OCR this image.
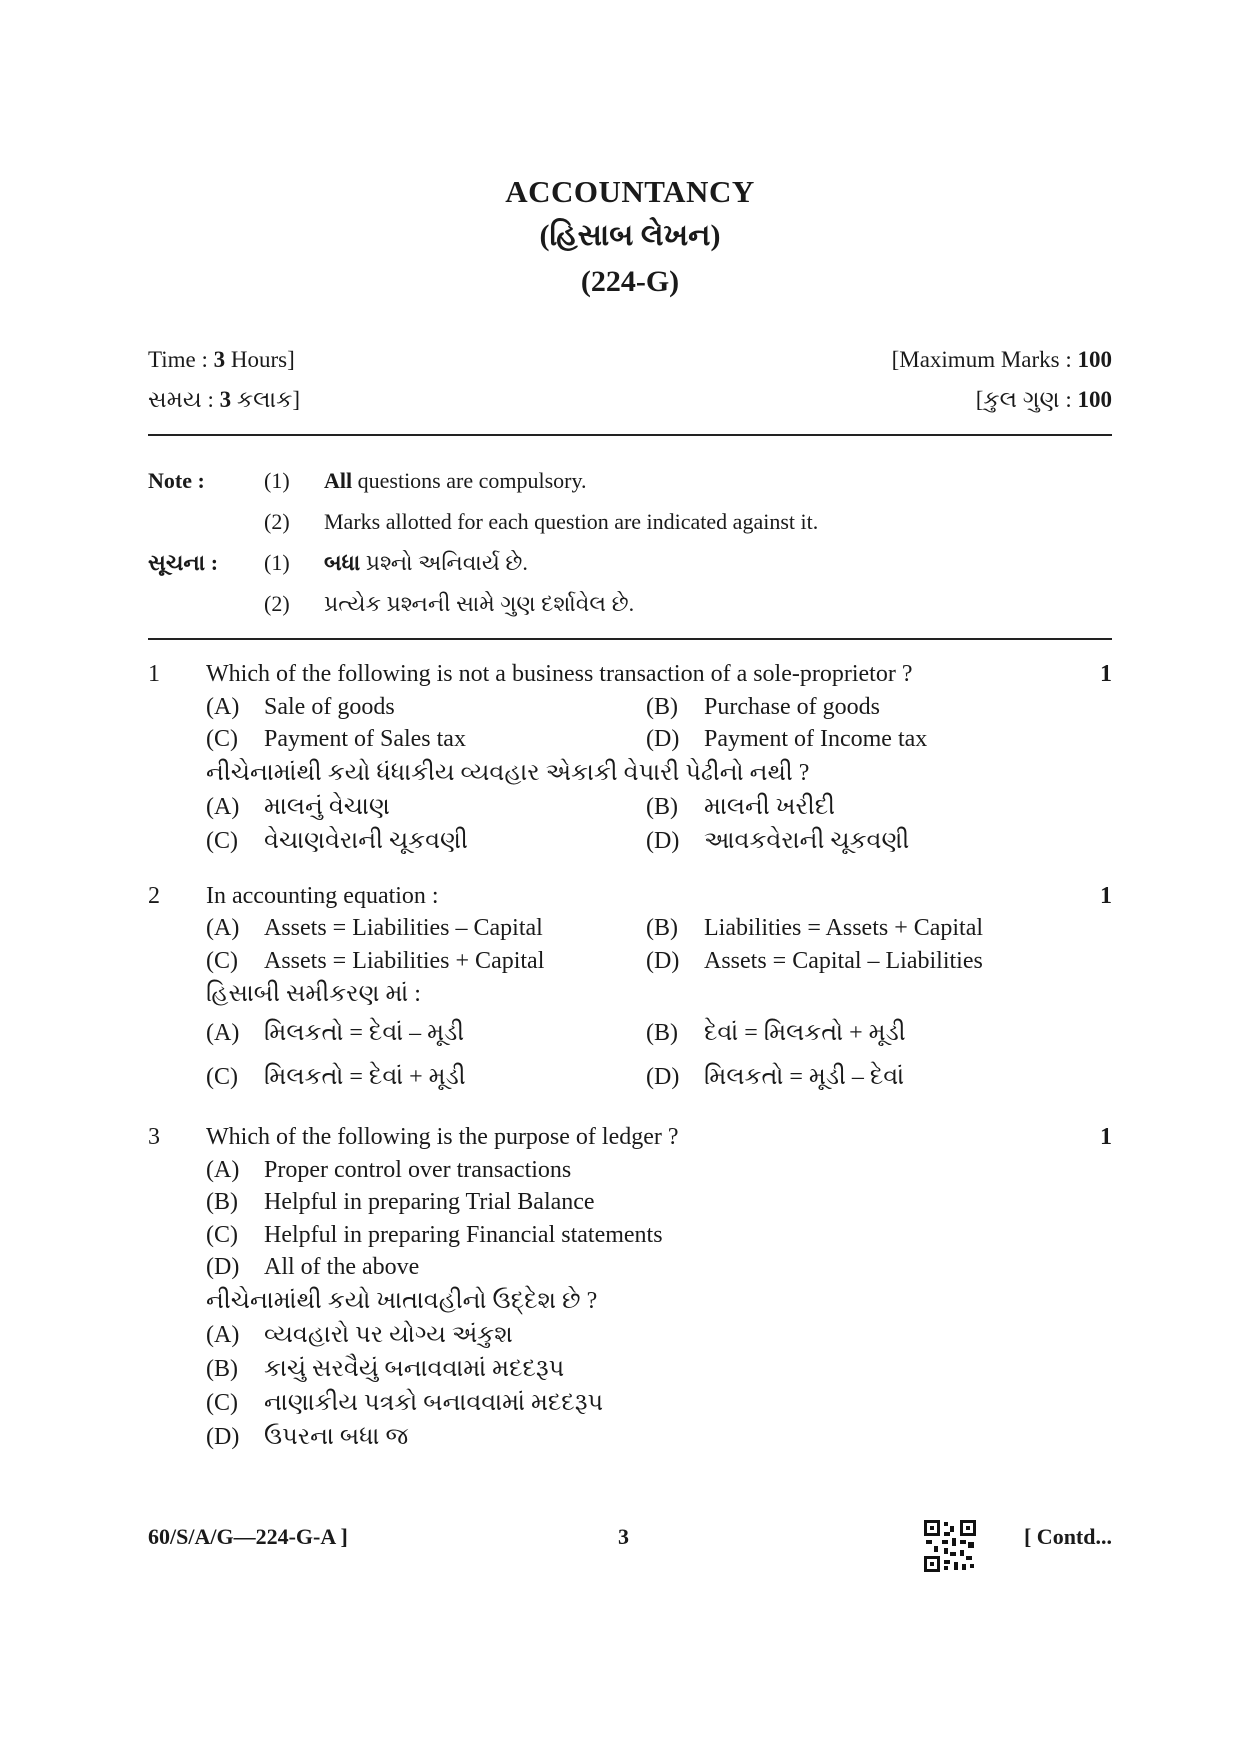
ACCOUNTANCY
(હિસાબ લેખન)
(224-G)
Time : 3 Hours]	[Maximum Marks : 100
સમય : 3 કલાક]	[કુલ ગુણ : 100
Note :	(1)	All questions are compulsory.
(2)	Marks allotted for each question are indicated against it.
સૂચના :	(1)	બધા પ્રશ્નો અનિવાર્ય છે.
(2)	પ્રત્યેક પ્રશ્નની સામે ગુણ દર્શાવેલ છે.
1	Which of the following is not a business transaction of a sole-proprietor ?	1
(A)	Sale of goods	(B)	Purchase of goods
(C)	Payment of Sales tax	(D)	Payment of Income tax
નીચેનામાંથી કયો ધંધાકીય વ્યવહાર એકાકી વેપારી પેઢીનો નથી ?
(A)	માલનું વેચાણ	(B)	માલની ખરીદી
(C)	વેચાણવેરાની ચૂકવણી	(D)	આવકવેરાની ચૂકવણી
2	In accounting equation :	1
(A)	Assets = Liabilities – Capital	(B)	Liabilities = Assets + Capital
(C)	Assets = Liabilities + Capital	(D)	Assets = Capital – Liabilities
હિસાબી સમીકરણ માં :
(A)	મિલકતો = દેવાં – મૂડી	(B)	દેવાં = મિલકતો + મૂડી
(C)	મિલકતો = દેવાં + મૂડી	(D)	મિલકતો = મૂડી – દેવાં
3	Which of the following is the purpose of ledger ?	1
(A)	Proper control over transactions
(B)	Helpful in preparing Trial Balance
(C)	Helpful in preparing Financial statements
(D)	All of the above
નીચેનામાંથી કયો ખાતાવહીનો ઉદ્દેશ છે ?
(A)	વ્યવહારો પર યોગ્ય અંકુશ
(B)	કાચું સરવૈયું બનાવવામાં મદદરૂપ
(C)	નાણાકીય પત્રકો બનાવવામાં મદદરૂપ
(D)	ઉપરના બધા જ
60/S/A/G—224-G-A ]	3	[ Contd...
